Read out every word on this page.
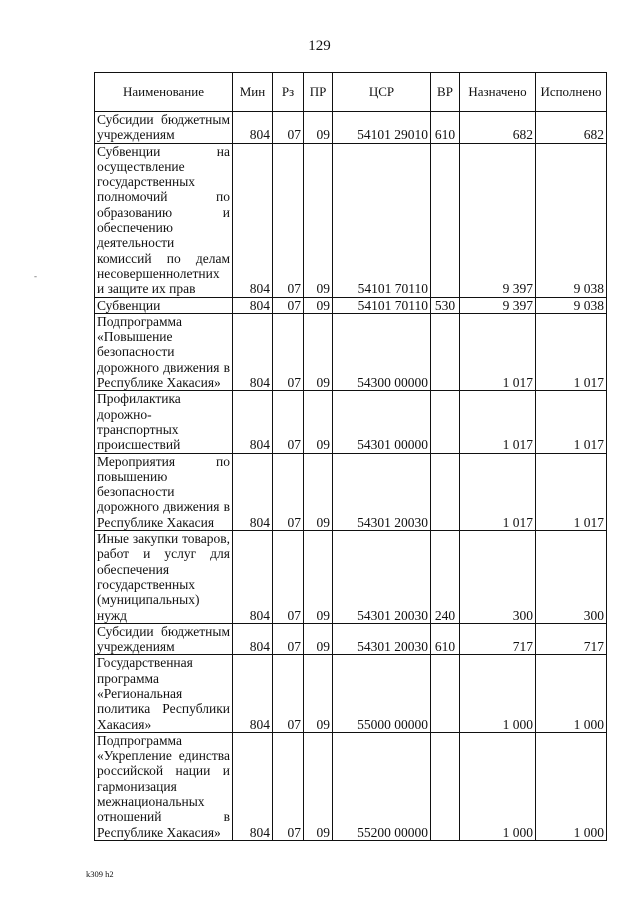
129
-
Наименование	Мин	Рз	ПР	ЦСР	ВР	Назначено	Исполнено
Субсидии бюджетным учреждениям	804	07	09	54101 29010	610	682	682
Субвенции на осуществление государственных полномочий по образованию и обеспечению деятельности комиссий по делам несовершеннолетних и защите их прав	804	07	09	54101 70110		9 397	9 038
Субвенции	804	07	09	54101 70110	530	9 397	9 038
Подпрограмма «Повышение безопасности дорожного движения в Республике Хакасия»	804	07	09	54300 00000		1 017	1 017
Профилактика дорожно-транспортных происшествий	804	07	09	54301 00000		1 017	1 017
Мероприятия по повышению безопасности дорожного движения в Республике Хакасия	804	07	09	54301 20030		1 017	1 017
Иные закупки товаров, работ и услуг для обеспечения государственных (муниципальных) нужд	804	07	09	54301 20030	240	300	300
Субсидии бюджетным учреждениям	804	07	09	54301 20030	610	717	717
Государственная программа «Региональная политика Республики Хакасия»	804	07	09	55000 00000		1 000	1 000
Подпрограмма «Укрепление единства российской нации и гармонизация межнациональных отношений в Республике Хакасия»	804	07	09	55200 00000		1 000	1 000
k309 h2
